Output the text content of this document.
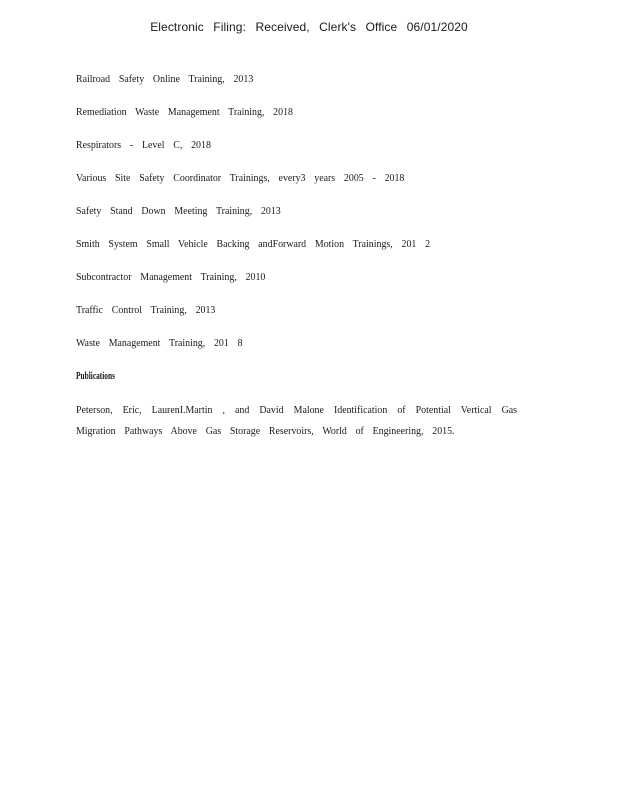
Electronic Filing: Received, Clerk's Office 06/01/2020
Railroad Safety Online Training, 2013
Remediation Waste Management Training, 2018
Respirators - Level C, 2018
Various Site Safety Coordinator Trainings, every3 years 2005 - 2018
Safety Stand Down Meeting Training, 2013
Smith System Small Vehicle Backing andForward Motion Trainings, 201 2
Subcontractor Management Training, 2010
Traffic Control Training, 2013
Waste Management Training, 201 8
Publications
Peterson, Eric, LaurenI.Martin , and David Malone Identification of Potential Vertical Gas Migration Pathways Above Gas Storage Reservoirs, World of Engineering, 2015.
